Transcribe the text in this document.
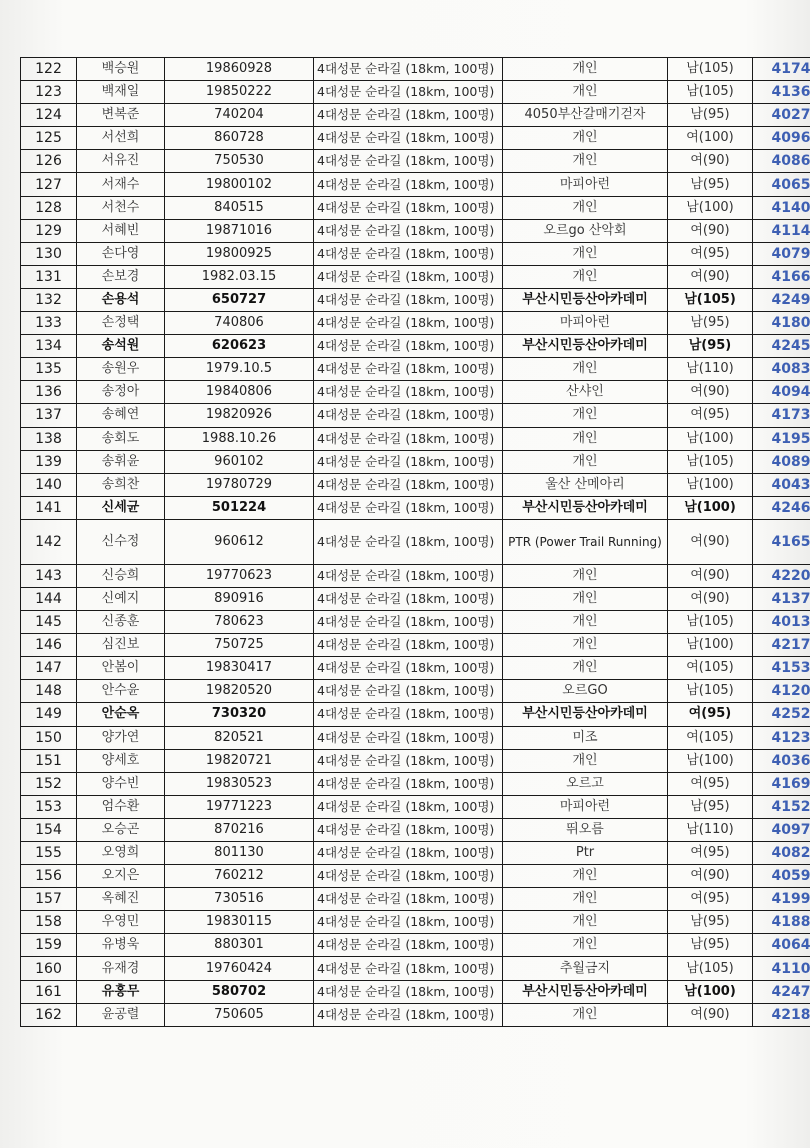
122	백승원	19860928	4대성문 순라길 (18km, 100명)	개인	남(105)	4174
123	백재일	19850222	4대성문 순라길 (18km, 100명)	개인	남(105)	4136
124	변복준	740204	4대성문 순라길 (18km, 100명)	4050부산갈매기걷자	남(95)	4027
125	서선희	860728	4대성문 순라길 (18km, 100명)	개인	여(100)	4096
126	서유진	750530	4대성문 순라길 (18km, 100명)	개인	여(90)	4086
127	서재수	19800102	4대성문 순라길 (18km, 100명)	마피아런	남(95)	4065
128	서천수	840515	4대성문 순라길 (18km, 100명)	개인	남(100)	4140
129	서혜빈	19871016	4대성문 순라길 (18km, 100명)	오르go 산악회	여(90)	4114
130	손다영	19800925	4대성문 순라길 (18km, 100명)	개인	여(95)	4079
131	손보경	1982.03.15	4대성문 순라길 (18km, 100명)	개인	여(90)	4166
132	손용석	650727	4대성문 순라길 (18km, 100명)	부산시민등산아카데미	남(105)	4249
133	손정택	740806	4대성문 순라길 (18km, 100명)	마피아런	남(95)	4180
134	송석원	620623	4대성문 순라길 (18km, 100명)	부산시민등산아카데미	남(95)	4245
135	송원우	1979.10.5	4대성문 순라길 (18km, 100명)	개인	남(110)	4083
136	송정아	19840806	4대성문 순라길 (18km, 100명)	산샤인	여(90)	4094
137	송혜연	19820926	4대성문 순라길 (18km, 100명)	개인	여(95)	4173
138	송회도	1988.10.26	4대성문 순라길 (18km, 100명)	개인	남(100)	4195
139	송휘윤	960102	4대성문 순라길 (18km, 100명)	개인	남(105)	4089
140	송희찬	19780729	4대성문 순라길 (18km, 100명)	울산 산메아리	남(100)	4043
141	신세균	501224	4대성문 순라길 (18km, 100명)	부산시민등산아카데미	남(100)	4246
142	신수정	960612	4대성문 순라길 (18km, 100명)	PTR (Power Trail Running)	여(90)	4165
143	신승희	19770623	4대성문 순라길 (18km, 100명)	개인	여(90)	4220
144	신예지	890916	4대성문 순라길 (18km, 100명)	개인	여(90)	4137
145	신종훈	780623	4대성문 순라길 (18km, 100명)	개인	남(105)	4013
146	심진보	750725	4대성문 순라길 (18km, 100명)	개인	남(100)	4217
147	안봄이	19830417	4대성문 순라길 (18km, 100명)	개인	여(105)	4153
148	안수윤	19820520	4대성문 순라길 (18km, 100명)	오르GO	남(105)	4120
149	안순옥	730320	4대성문 순라길 (18km, 100명)	부산시민등산아카데미	여(95)	4252
150	양가연	820521	4대성문 순라길 (18km, 100명)	미조	여(105)	4123
151	양세호	19820721	4대성문 순라길 (18km, 100명)	개인	남(100)	4036
152	양수빈	19830523	4대성문 순라길 (18km, 100명)	오르고	여(95)	4169
153	엄수환	19771223	4대성문 순라길 (18km, 100명)	마피아런	남(95)	4152
154	오승곤	870216	4대성문 순라길 (18km, 100명)	뛰오름	남(110)	4097
155	오영희	801130	4대성문 순라길 (18km, 100명)	Ptr	여(95)	4082
156	오지은	760212	4대성문 순라길 (18km, 100명)	개인	여(90)	4059
157	옥혜진	730516	4대성문 순라길 (18km, 100명)	개인	여(95)	4199
158	우영민	19830115	4대성문 순라길 (18km, 100명)	개인	남(95)	4188
159	유병욱	880301	4대성문 순라길 (18km, 100명)	개인	남(95)	4064
160	유재경	19760424	4대성문 순라길 (18km, 100명)	추월금지	남(105)	4110
161	유홍무	580702	4대성문 순라길 (18km, 100명)	부산시민등산아카데미	남(100)	4247
162	윤공렬	750605	4대성문 순라길 (18km, 100명)	개인	여(90)	4218
